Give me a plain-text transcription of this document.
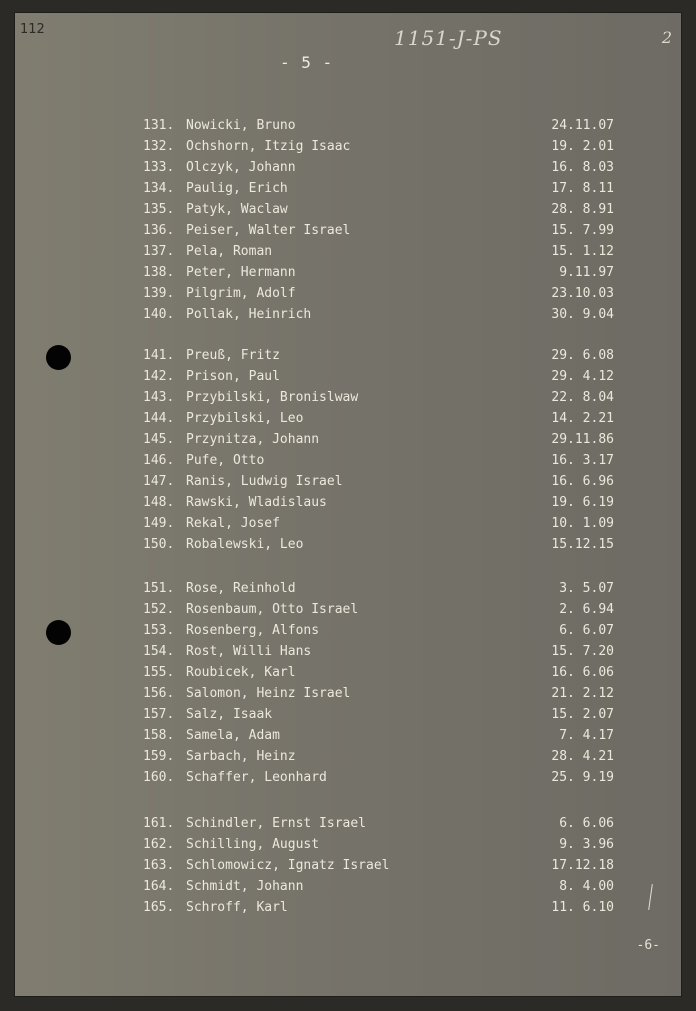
112	1151-J-PS	2
- 5 -
131. Nowicki, Bruno	24.11.07
132. Ochshorn, Itzig Isaac	19. 2.01
133. Olczyk, Johann	16. 8.03
134. Paulig, Erich	17. 8.11
135. Patyk, Waclaw	28. 8.91
136. Peiser, Walter Israel	15. 7.99
137. Pela, Roman	15. 1.12
138. Peter, Hermann	9.11.97
139. Pilgrim, Adolf	23.10.03
140. Pollak, Heinrich	30. 9.04
141. Preuß, Fritz	29. 6.08
142. Prison, Paul	29. 4.12
143. Przybilski, Bronislwaw	22. 8.04
144. Przybilski, Leo	14. 2.21
145. Przynitza, Johann	29.11.86
146. Pufe, Otto	16. 3.17
147. Ranis, Ludwig Israel	16. 6.96
148. Rawski, Wladislaus	19. 6.19
149. Rekal, Josef	10. 1.09
150. Robalewski, Leo	15.12.15
151. Rose, Reinhold	3. 5.07
152. Rosenbaum, Otto Israel	2. 6.94
153. Rosenberg, Alfons	6. 6.07
154. Rost, Willi Hans	15. 7.20
155. Roubicek, Karl	16. 6.06
156. Salomon, Heinz Israel	21. 2.12
157. Salz, Isaak	15. 2.07
158. Samela, Adam	7. 4.17
159. Sarbach, Heinz	28. 4.21
160. Schaffer, Leonhard	25. 9.19
161. Schindler, Ernst Israel	6. 6.06
162. Schilling, August	9. 3.96
163. Schlomowicz, Ignatz Israel	17.12.18
164. Schmidt, Johann	8. 4.00
165. Schroff, Karl	11. 6.10
-6-
